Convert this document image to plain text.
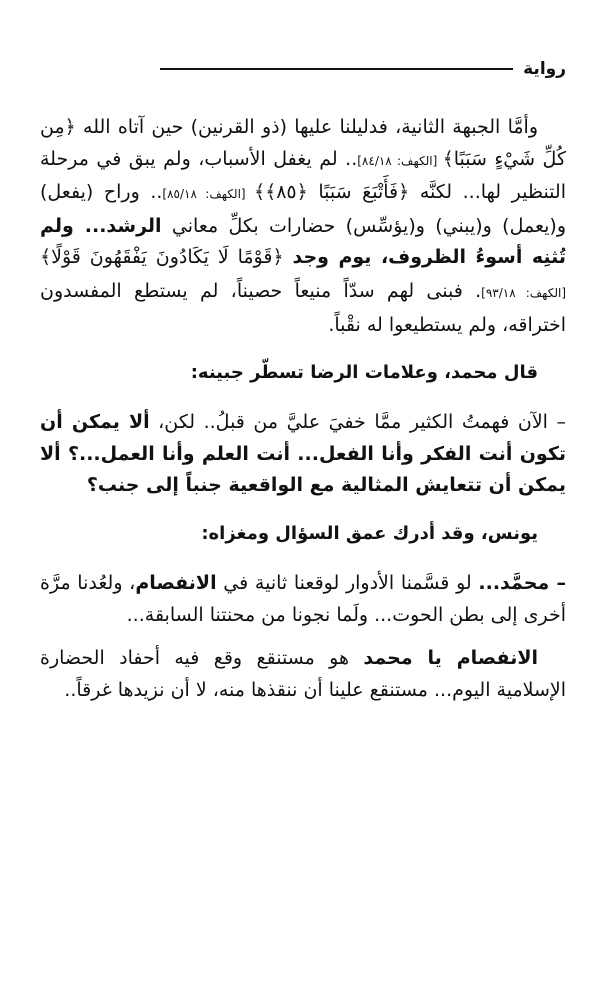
رواية

وأمَّا الجبهة الثانية، فدليلنا عليها (ذو القرنين) حين آتاه الله ﴿مِن كُلِّ شَيْءٍ سَبَبًا﴾ [الكهف: ٨٤/١٨].. لم يغفل الأسباب، ولم يبق في مرحلة التنظير لها... لكنَّه ﴿فَأَتْبَعَ سَبَبًا ﴿٨٥﴾﴾ [الكهف: ٨٥/١٨].. وراح (يفعل) و(يعمل) و(يبني) و(يؤسِّس) حضارات بكلِّ معاني الرشد... ولم تُثنِه أسوءُ الظروف، يوم وجد ﴿قَوْمًا لَا يَكَادُونَ يَفْقَهُونَ قَوْلًا﴾ [الكهف: ٩٣/١٨]. فبنى لهم سدّاً منيعاً حصيناً، لم يستطع المفسدون اختراقه، ولم يستطيعوا له نقْباً.

قال محمد، وعلامات الرضا تسطّر جبينه:

– الآن فهمتُ الكثير ممَّا خفيَ عليَّ من قبلُ.. لكن، ألا يمكن أن تكون أنت الفكر وأنا الفعل... أنت العلم وأنا العمل...؟ ألا يمكن أن تتعايش المثالية مع الواقعية جنباً إلى جنب؟

يونس، وقد أدرك عمق السؤال ومغزاه:

– محمَّد... لو قسَّمنا الأدوار لوقعنا ثانية في الانفصام، ولعُدنا مرَّة أخرى إلى بطن الحوت... ولَما نجونا من محنتنا السابقة...

الانفصام يا محمد هو مستنقع وقع فيه أحفاد الحضارة الإسلامية اليوم... مستنقع علينا أن ننقذها منه، لا أن نزيدها غرقاً..
